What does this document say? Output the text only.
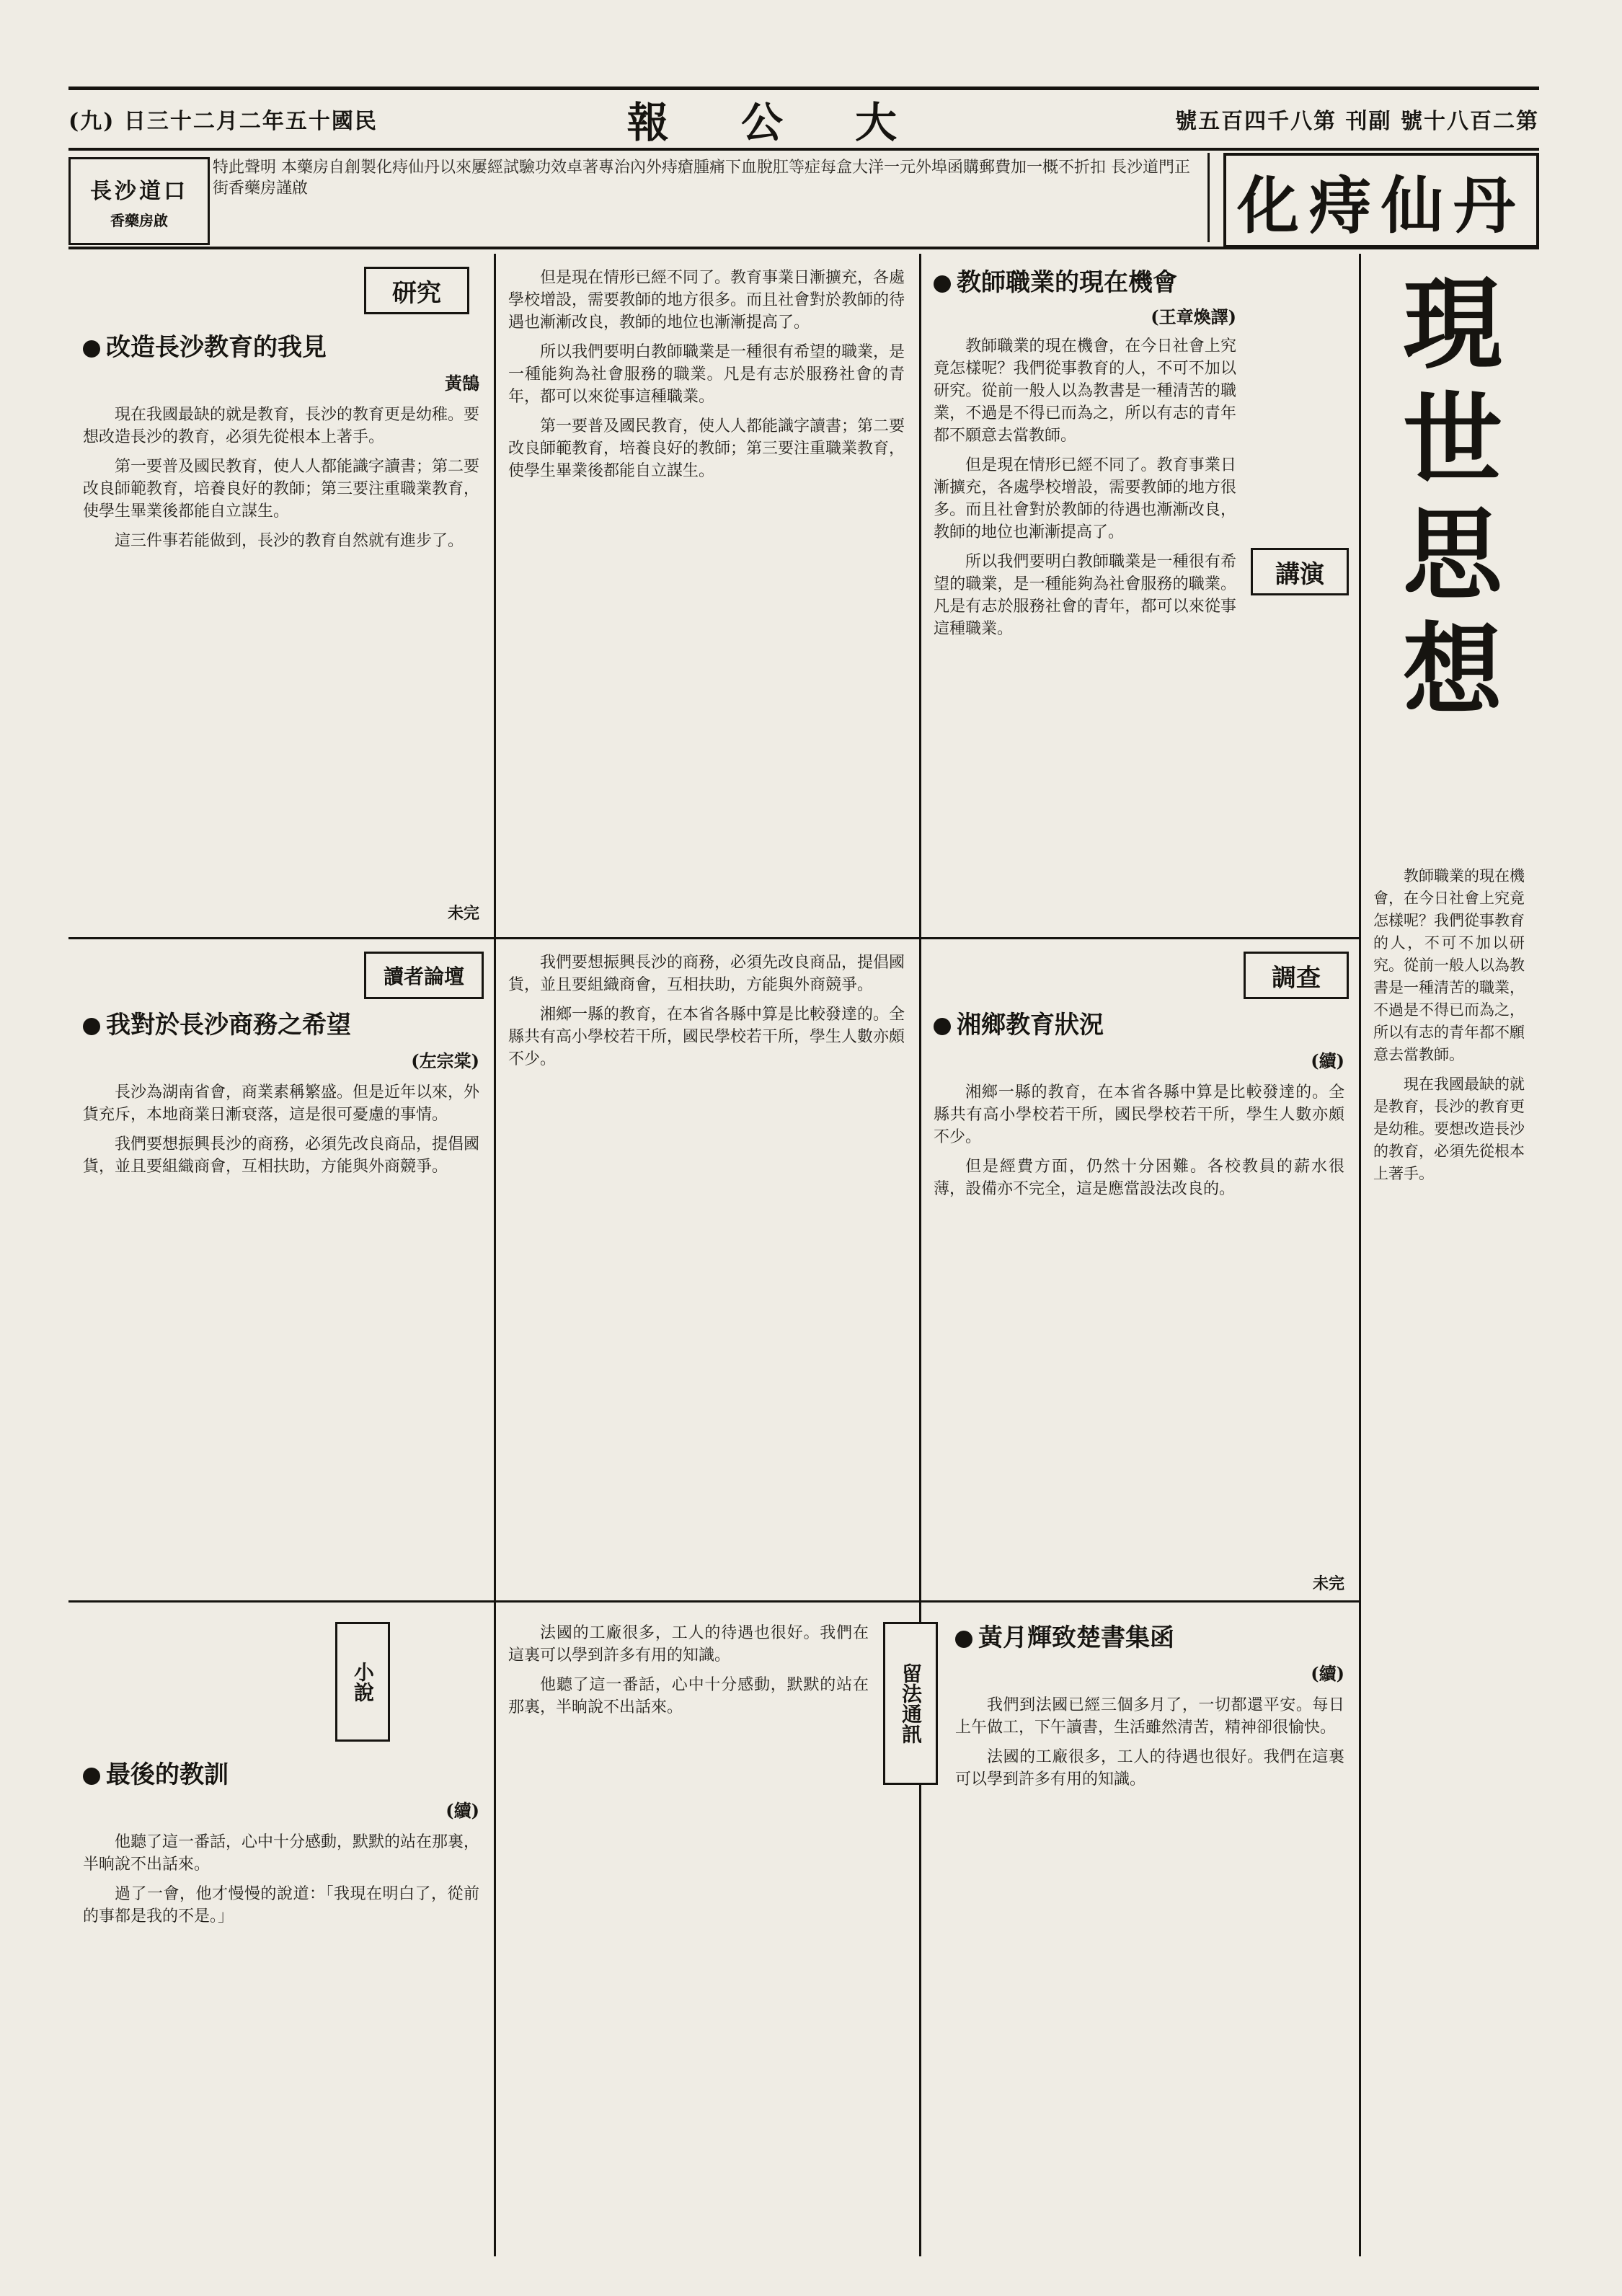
(九) 日三十二月二年五十國民	報 公 大	號五百四千八第 刊副 號十八百二第
長沙道口
香藥房啟
特此聲明 本藥房自創製化痔仙丹以來屢經試驗功效卓著專治內外痔瘡腫痛下血脫肛等症每盒大洋一元外埠函購郵費加一概不折扣 長沙道門正街香藥房謹啟	化痔仙丹
現世思想
講演
教師職業的現在機會
(王章煥譯)

教師職業的現在機會，在今日社會上究竟怎樣呢？我們從事教育的人，不可不加以研究。從前一般人以為教書是一種清苦的職業，不過是不得已而為之，所以有志的青年都不願意去當教師。

但是現在情形已經不同了。教育事業日漸擴充，各處學校增設，需要教師的地方很多。而且社會對於教師的待遇也漸漸改良，教師的地位也漸漸提高了。

所以我們要明白教師職業是一種很有希望的職業，是一種能夠為社會服務的職業。凡是有志於服務社會的青年，都可以來從事這種職業。

研究
改造長沙教育的我見
黃鵠

現在我國最缺的就是教育，長沙的教育更是幼稚。要想改造長沙的教育，必須先從根本上著手。

第一要普及國民教育，使人人都能識字讀書；第二要改良師範教育，培養良好的教師；第三要注重職業教育，使學生畢業後都能自立謀生。

這三件事若能做到，長沙的教育自然就有進步了。

未完

但是現在情形已經不同了。教育事業日漸擴充，各處學校增設，需要教師的地方很多。而且社會對於教師的待遇也漸漸改良，教師的地位也漸漸提高了。

所以我們要明白教師職業是一種很有希望的職業，是一種能夠為社會服務的職業。凡是有志於服務社會的青年，都可以來從事這種職業。

第一要普及國民教育，使人人都能識字讀書；第二要改良師範教育，培養良好的教師；第三要注重職業教育，使學生畢業後都能自立謀生。

調查
湘鄉教育狀況
(續)

湘鄉一縣的教育，在本省各縣中算是比較發達的。全縣共有高小學校若干所，國民學校若干所，學生人數亦頗不少。

但是經費方面，仍然十分困難。各校教員的薪水很薄，設備亦不完全，這是應當設法改良的。

未完
讀者論壇
我對於長沙商務之希望
(左宗棠)

長沙為湖南省會，商業素稱繁盛。但是近年以來，外貨充斥，本地商業日漸衰落，這是很可憂慮的事情。

我們要想振興長沙的商務，必須先改良商品，提倡國貨，並且要組織商會，互相扶助，方能與外商競爭。

我們要想振興長沙的商務，必須先改良商品，提倡國貨，並且要組織商會，互相扶助，方能與外商競爭。

湘鄉一縣的教育，在本省各縣中算是比較發達的。全縣共有高小學校若干所，國民學校若干所，學生人數亦頗不少。

留法通訊
黃月輝致楚書集函
(續)

我們到法國已經三個多月了，一切都還平安。每日上午做工，下午讀書，生活雖然清苦，精神卻很愉快。

法國的工廠很多，工人的待遇也很好。我們在這裏可以學到許多有用的知識。

小說
最後的教訓
(續)

他聽了這一番話，心中十分感動，默默的站在那裏，半晌說不出話來。

過了一會，他才慢慢的說道：「我現在明白了，從前的事都是我的不是。」

法國的工廠很多，工人的待遇也很好。我們在這裏可以學到許多有用的知識。

他聽了這一番話，心中十分感動，默默的站在那裏，半晌說不出話來。

教師職業的現在機會，在今日社會上究竟怎樣呢？我們從事教育的人，不可不加以研究。從前一般人以為教書是一種清苦的職業，不過是不得已而為之，所以有志的青年都不願意去當教師。

現在我國最缺的就是教育，長沙的教育更是幼稚。要想改造長沙的教育，必須先從根本上著手。
